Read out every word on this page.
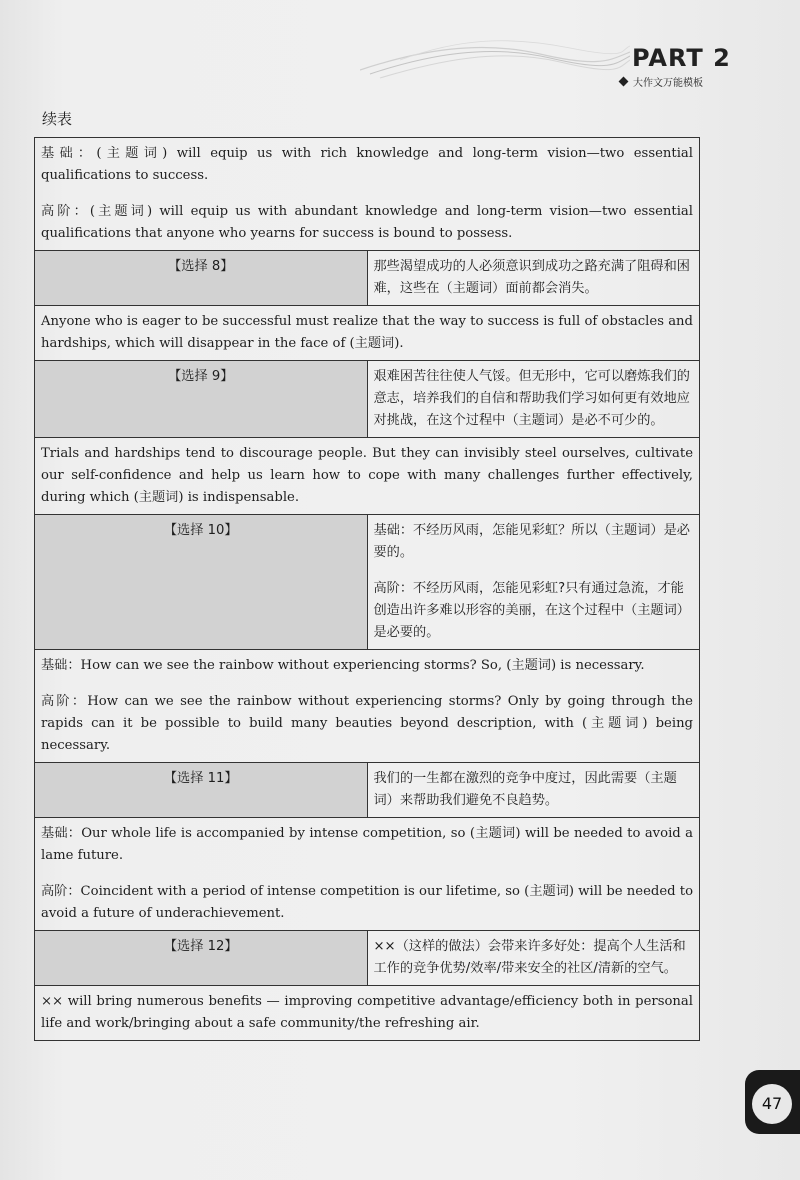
PART 2
大作文万能模板
续表
基础：(主题词) will equip us with rich knowledge and long-term vision—two essential qualifications to success.
高阶：(主题词) will equip us with abundant knowledge and long-term vision—two essential qualifications that anyone who yearns for success is bound to possess.	

【选择 8】	那些渴望成功的人必须意识到成功之路充满了阻碍和困难，这些在（主题词）面前都会消失。

Anyone who is eager to be successful must realize that the way to success is full of obstacles and hardships, which will disappear in the face of (主题词).	

【选择 9】	艰难困苦往往使人气馁。但无形中，它可以磨炼我们的意志，培养我们的自信和帮助我们学习如何更有效地应对挑战，在这个过程中（主题词）是必不可少的。

Trials and hardships tend to discourage people. But they can invisibly steel ourselves, cultivate our self-confidence and help us learn how to cope with many challenges further effectively, during which (主题词) is indispensable.	

【选择 10】	基础：不经历风雨，怎能见彩虹？所以（主题词）是必要的。
高阶：不经历风雨，怎能见彩虹?只有通过急流，才能创造出许多难以形容的美丽，在这个过程中（主题词）是必要的。

基础：How can we see the rainbow without experiencing storms? So, (主题词) is necessary.
高阶：How can we see the rainbow without experiencing storms? Only by going through the rapids can it be possible to build many beauties beyond description, with (主题词) being necessary.	

【选择 11】	我们的一生都在激烈的竞争中度过，因此需要（主题词）来帮助我们避免不良趋势。

基础：Our whole life is accompanied by intense competition, so (主题词) will be needed to avoid a lame future.
高阶：Coincident with a period of intense competition is our lifetime, so (主题词) will be needed to avoid a future of underachievement.	

【选择 12】	××（这样的做法）会带来许多好处：提高个人生活和工作的竞争优势/效率/带来安全的社区/清新的空气。

×× will bring numerous benefits — improving competitive advantage/efficiency both in personal life and work/bringing about a safe community/the refreshing air.	
47
